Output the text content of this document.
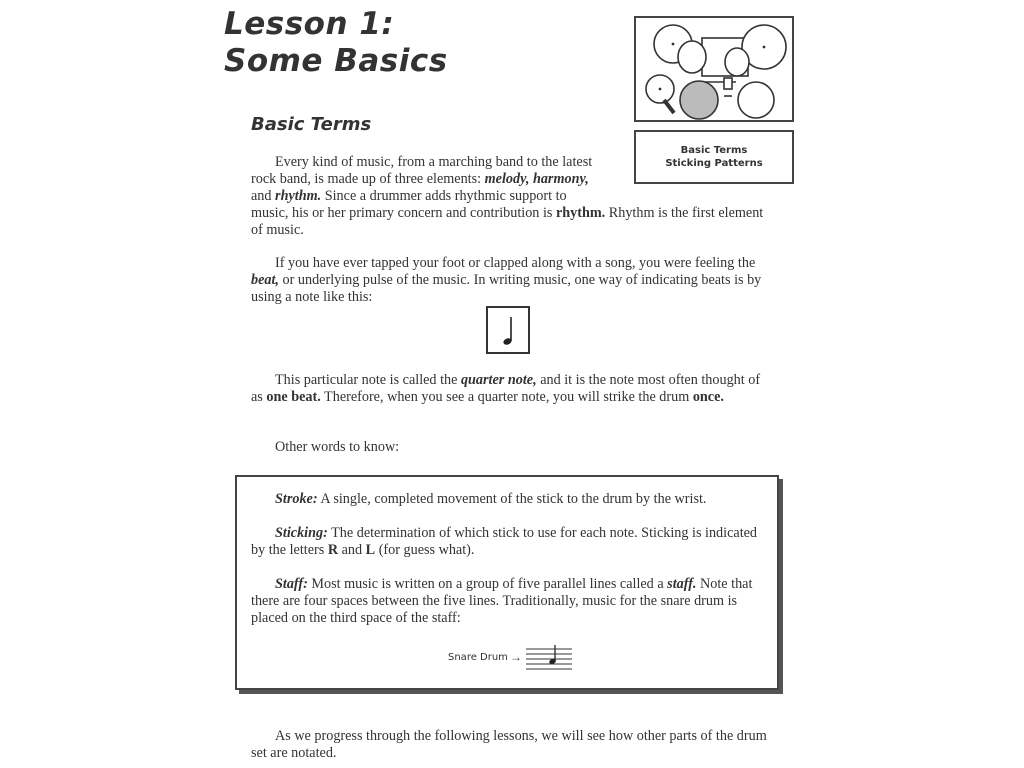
Lesson 1:
Some Basics
Basic Terms
Sticking Patterns
Basic Terms

Every kind of music, from a marching band to the latest rock band, is made up of three elements: melody, harmony, and rhythm. Since a drummer adds rhythmic support to music, his or her primary concern and contribution is rhythm. Rhythm is the first element of music.

If you have ever tapped your foot or clapped along with a song, you were feeling the beat, or underlying pulse of the music. In writing music, one way of indicating beats is by using a note like this:

This particular note is called the quarter note, and it is the note most often thought of as one beat. Therefore, when you see a quarter note, you will strike the drum once.

Other words to know:

Stroke: A single, completed movement of the stick to the drum by the wrist.

Sticking: The determination of which stick to use for each note. Sticking is indicated by the letters R and L (for guess what).

Staff: Most music is written on a group of five parallel lines called a staff. Note that there are four spaces between the five lines. Traditionally, music for the snare drum is placed on the third space of the staff:

Snare Drum →

As we progress through the following lessons, we will see how other parts of the drum set are notated.
